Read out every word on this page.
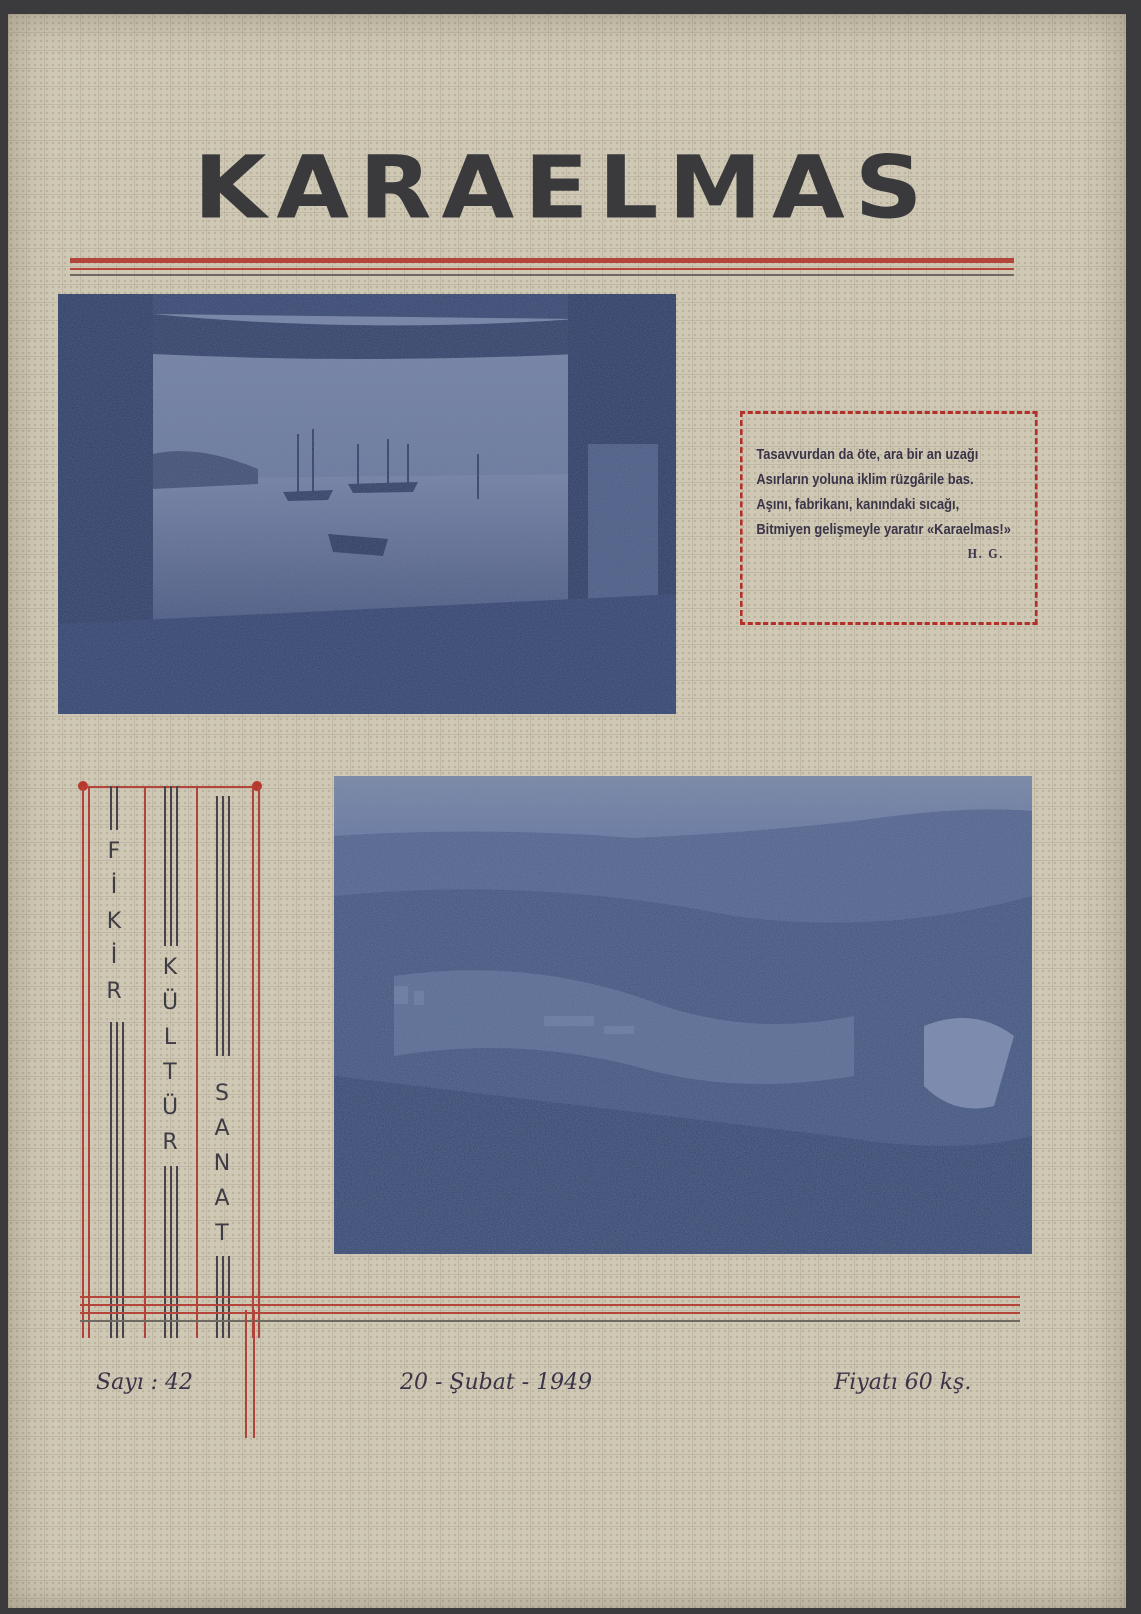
KARAELMAS
Tasavvurdan da öte, ara bir an uzağı
Asırların yoluna iklim rüzgârile bas.
Aşını, fabrikanı, kanındaki sıcağı,
Bitmiyen gelişmeyle yaratır «Karaelmas!»
H. G.
F
İ
K
İ
R
K
Ü
L
T
Ü
R
S
A
N
A
T
Sayı : 42	20 - Şubat - 1949	Fiyatı 60 kş.
